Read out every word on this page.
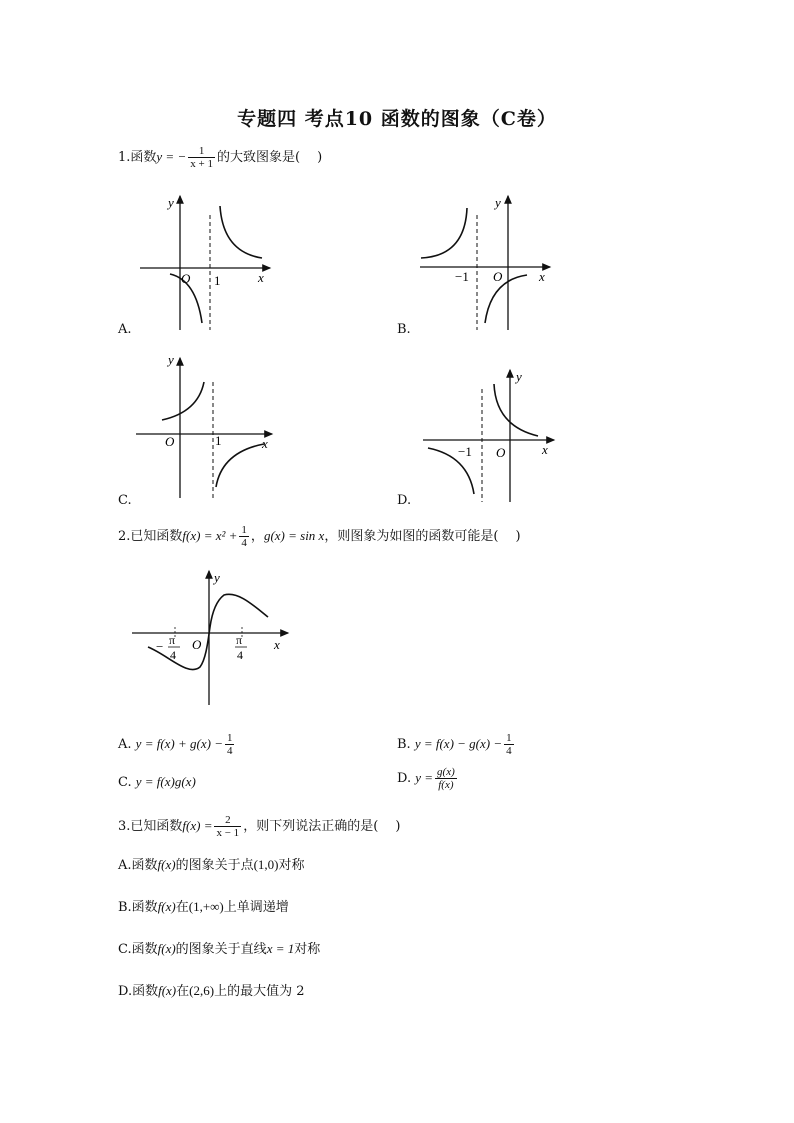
专题四 考点10 函数的图象（C卷）
1.函数y = − $\frac{1}{x + 1}$ 的大致图象是(　 )
y
x
O 1
A.
y
x
O
−1
B.
y
x
O	1
C.
y
x
O
−1
D.
2.已知函数$f(x) = x^2 + \frac{1}{4}$ ，g(x) = sin x，则图象为如图的函数可能是(　 )
y
x
O
− π
4
π
4
A. $y = f(x) + g(x) - \frac{1}{4}$	B. $y = f(x) - g(x) - \frac{1}{4}$
C. y = f(x)g(x)	D. $y = \frac{g(x)}{f(x)}$
3.已知函数$f(x) = \frac{2}{x - 1}$ ，则下列说法正确的是(　 )
A.函数f(x)的图象关于点(1,0)对称
B.函数f(x)在(1,+∞)上单调递增
C.函数f(x)的图象关于直线x = 1对称
D.函数f(x)在(2,6)上的最大值为 2
